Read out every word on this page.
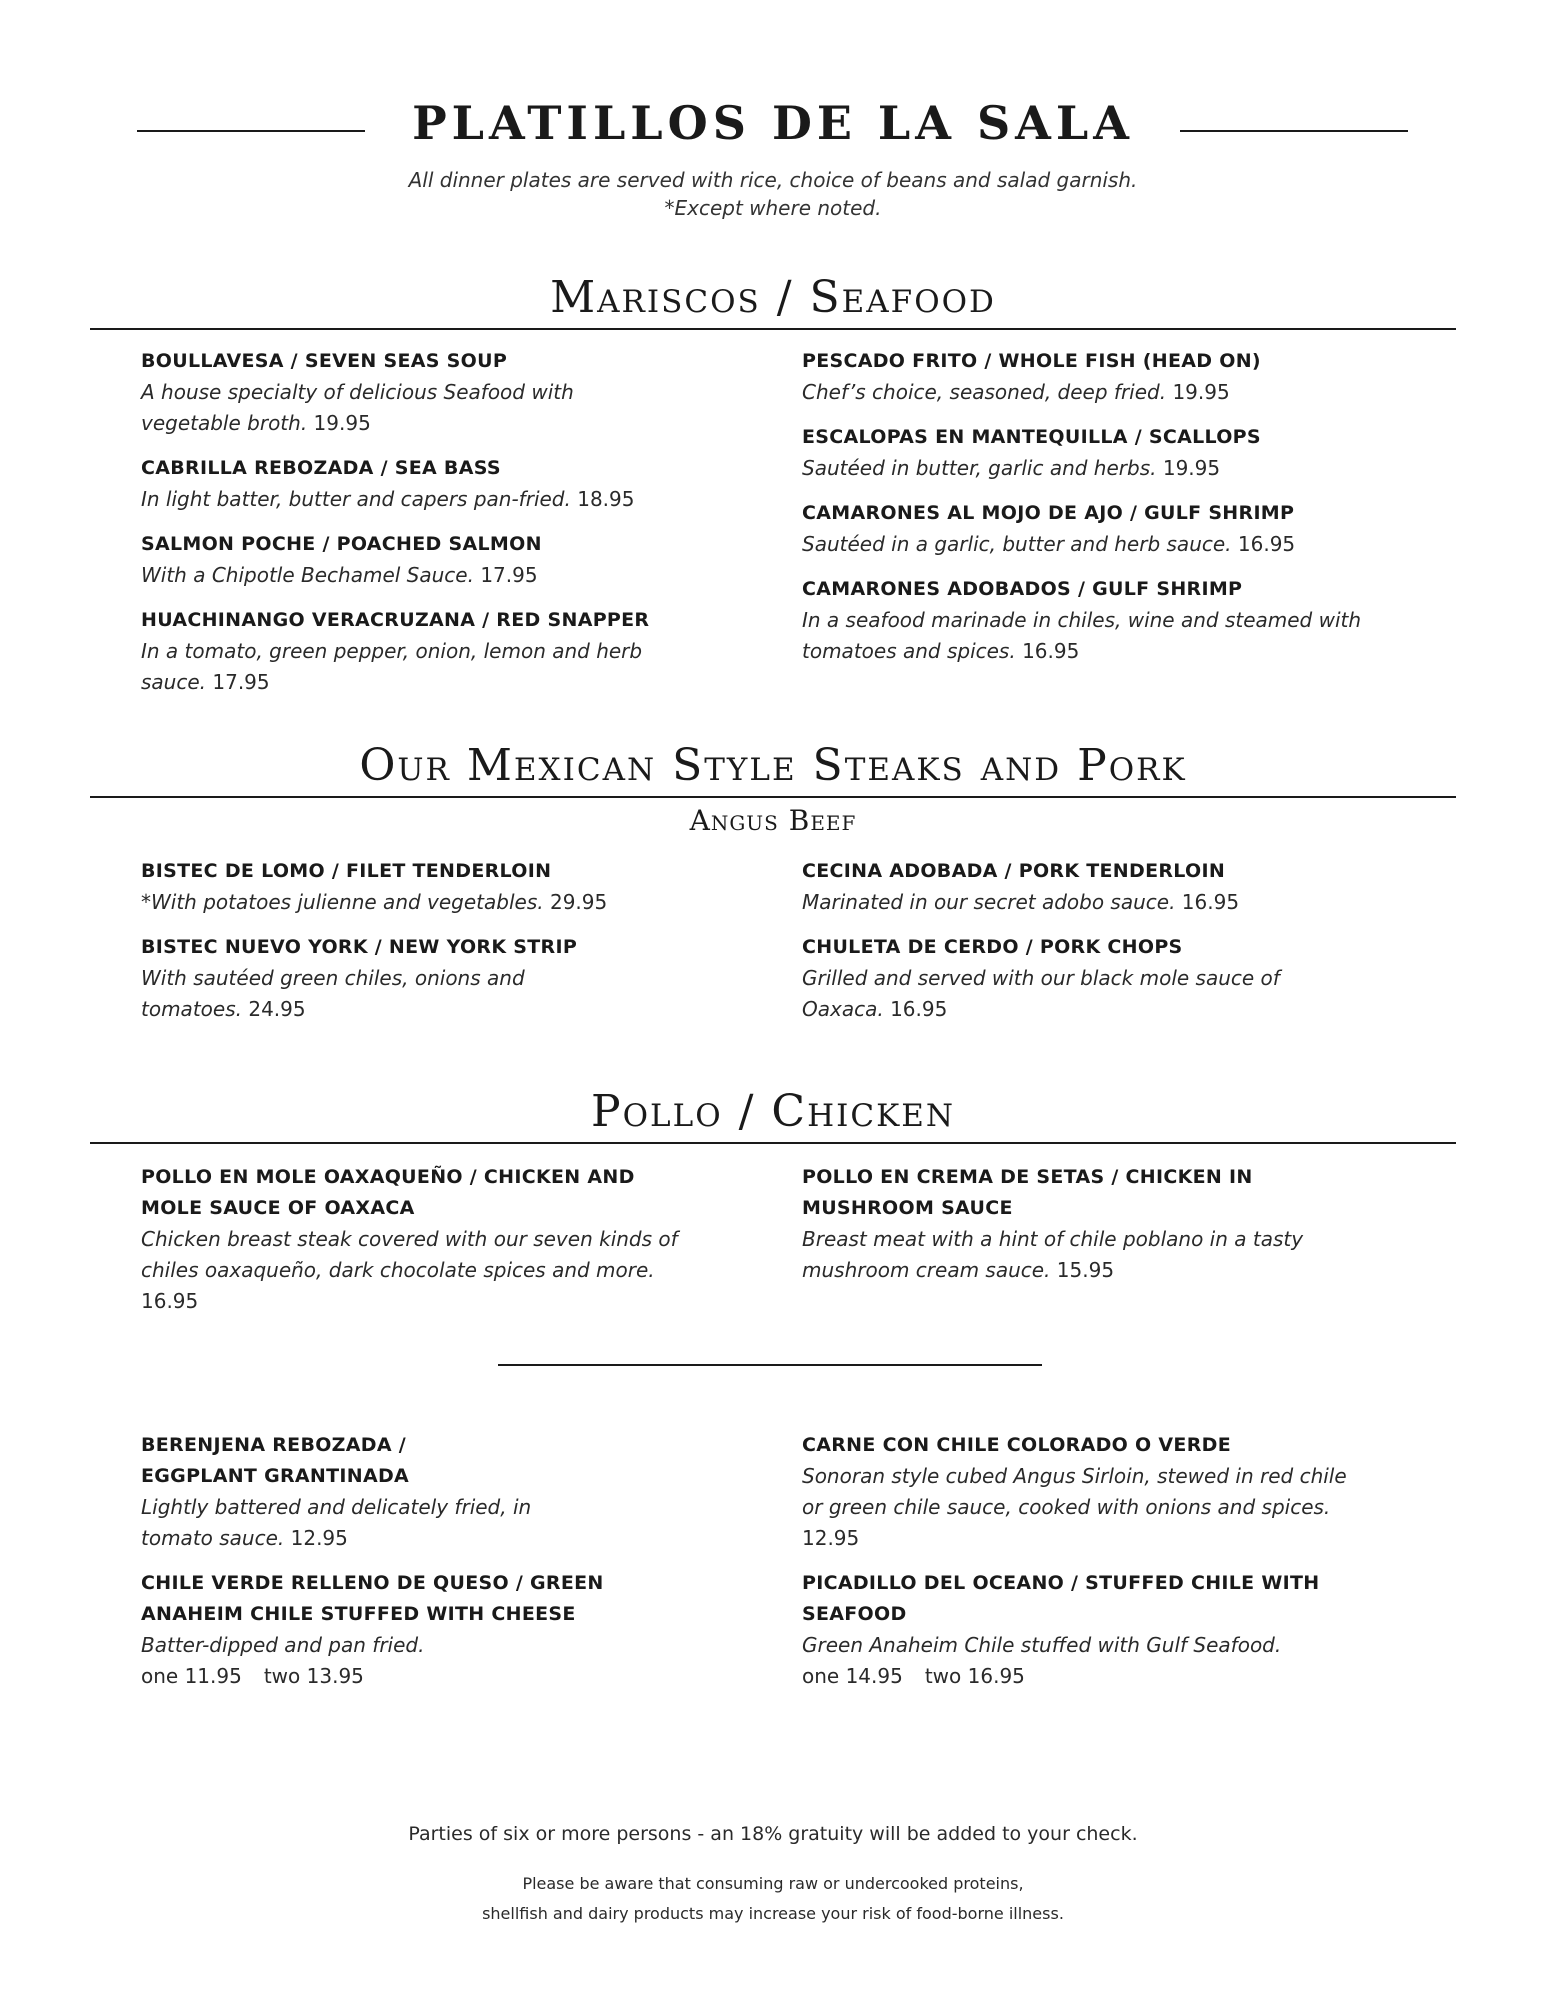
PLATILLOS DE LA SALA
All dinner plates are served with rice, choice of beans and salad garnish.
*Except where noted.
Mariscos / Seafood
BOULLAVESA / SEVEN SEAS SOUP
A house specialty of delicious Seafood with vegetable broth. 19.95
CABRILLA REBOZADA / SEA BASS
In light batter, butter and capers pan-fried. 18.95
SALMON POCHE / POACHED SALMON
With a Chipotle Bechamel Sauce. 17.95
HUACHINANGO VERACRUZANA / RED SNAPPER
In a tomato, green pepper, onion, lemon and herb sauce. 17.95
PESCADO FRITO / WHOLE FISH (HEAD ON)
Chef’s choice, seasoned, deep fried. 19.95
ESCALOPAS EN MANTEQUILLA / SCALLOPS
Sautéed in butter, garlic and herbs. 19.95
CAMARONES AL MOJO DE AJO / GULF SHRIMP
Sautéed in a garlic, butter and herb sauce. 16.95
CAMARONES ADOBADOS / GULF SHRIMP
In a seafood marinade in chiles, wine and steamed with tomatoes and spices. 16.95
Our Mexican Style Steaks and Pork
Angus Beef
BISTEC DE LOMO / FILET TENDERLOIN
*With potatoes julienne and vegetables. 29.95
BISTEC NUEVO YORK / NEW YORK STRIP
With sautéed green chiles, onions and tomatoes. 24.95
CECINA ADOBADA / PORK TENDERLOIN
Marinated in our secret adobo sauce. 16.95
CHULETA DE CERDO / PORK CHOPS
Grilled and served with our black mole sauce of Oaxaca. 16.95
Pollo / Chicken
POLLO EN MOLE OAXAQUEÑO / CHICKEN AND MOLE SAUCE OF OAXACA
Chicken breast steak covered with our seven kinds of chiles oaxaqueño, dark chocolate spices and more. 16.95
POLLO EN CREMA DE SETAS / CHICKEN IN MUSHROOM SAUCE
Breast meat with a hint of chile poblano in a tasty mushroom cream sauce. 15.95
BERENJENA REBOZADA / EGGPLANT GRANTINADA
Lightly battered and delicately fried, in tomato sauce. 12.95
CHILE VERDE RELLENO DE QUESO / GREEN ANAHEIM CHILE STUFFED WITH CHEESE
Batter-dipped and pan fried.
one 11.95 two 13.95
CARNE CON CHILE COLORADO O VERDE
Sonoran style cubed Angus Sirloin, stewed in red chile or green chile sauce, cooked with onions and spices. 12.95
PICADILLO DEL OCEANO / STUFFED CHILE WITH SEAFOOD
Green Anaheim Chile stuffed with Gulf Seafood.
one 14.95 two 16.95
Parties of six or more persons - an 18% gratuity will be added to your check.
Please be aware that consuming raw or undercooked proteins,
shellfish and dairy products may increase your risk of food-borne illness.
